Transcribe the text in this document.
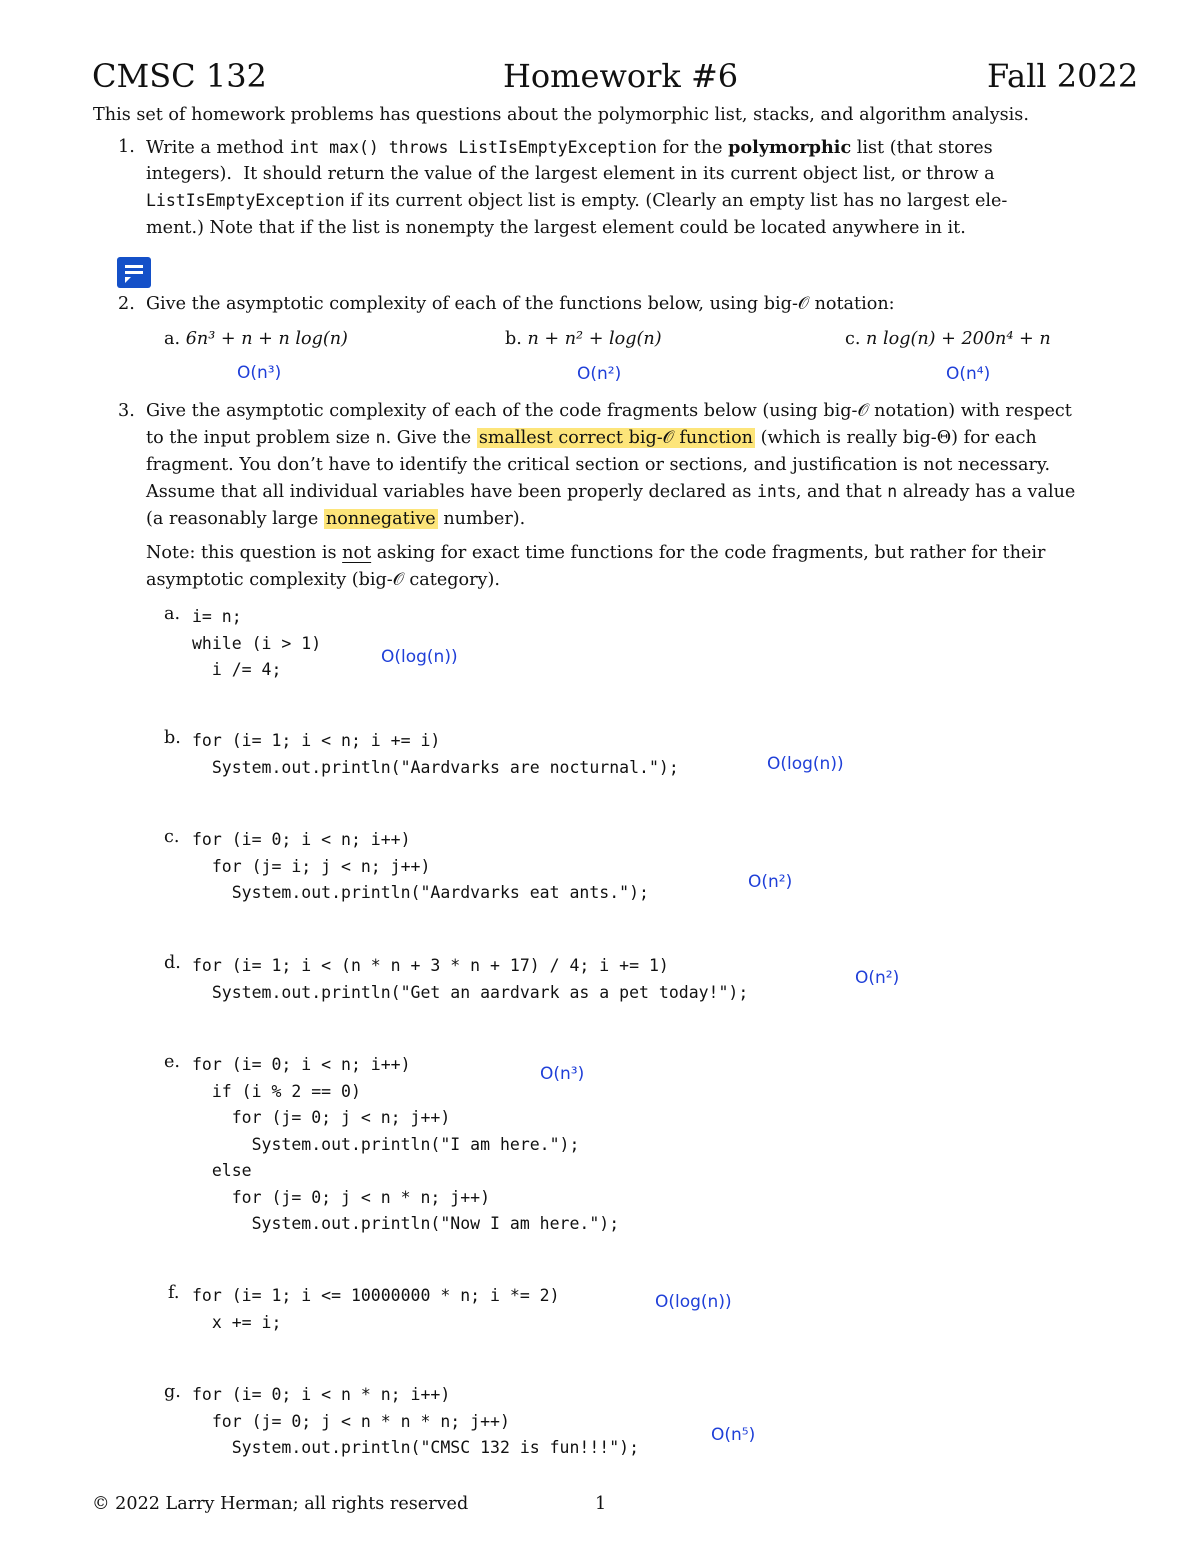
CMSC 132	Homework #6	Fall 2022
This set of homework problems has questions about the polymorphic list, stacks, and algorithm analysis.
1. Write a method int max() throws ListIsEmptyException for the polymorphic list (that stores
integers).  It should return the value of the largest element in its current object list, or throw a
ListIsEmptyException if its current object list is empty. (Clearly an empty list has no largest ele-
ment.) Note that if the list is nonempty the largest element could be located anywhere in it.
2. Give the asymptotic complexity of each of the functions below, using big-𝒪 notation:
a. 6n³ + n + n log(n)	b. n + n² + log(n)	c. n log(n) + 200n⁴ + n
O(n³)	O(n²)	O(n⁴)
3. Give the asymptotic complexity of each of the code fragments below (using big-𝒪 notation) with respect
to the input problem size n. Give the smallest correct big-𝒪 function (which is really big-Θ) for each
fragment. You don’t have to identify the critical section or sections, and justification is not necessary.
Assume that all individual variables have been properly declared as ints, and that n already has a value
(a reasonably large nonnegative number).
Note: this question is not asking for exact time functions for the code fragments, but rather for their
asymptotic complexity (big-𝒪 category).
a. i= n;
while (i > 1)
i /= 4;
O(log(n))
b. for (i= 1; i < n; i += i)
System.out.println("Aardvarks are nocturnal.");	O(log(n))
c. for (i= 0; i < n; i++)
for (j= i; j < n; j++)
System.out.println("Aardvarks eat ants.");
O(n²)
d. for (i= 1; i < (n * n + 3 * n + 17) / 4; i += 1)
System.out.println("Get an aardvark as a pet today!");
O(n²)
e. for (i= 0; i < n; i++)
if (i % 2 == 0)
for (j= 0; j < n; j++)
System.out.println("I am here.");
else
for (j= 0; j < n * n; j++)
System.out.println("Now I am here.");
O(n³)
f. for (i= 1; i <= 10000000 * n; i *= 2)
x += i;
O(log(n))
g. for (i= 0; i < n * n; i++)
for (j= 0; j < n * n * n; j++)
System.out.println("CMSC 132 is fun!!!");
O(n⁵)
© 2022 Larry Herman; all rights reserved	1
